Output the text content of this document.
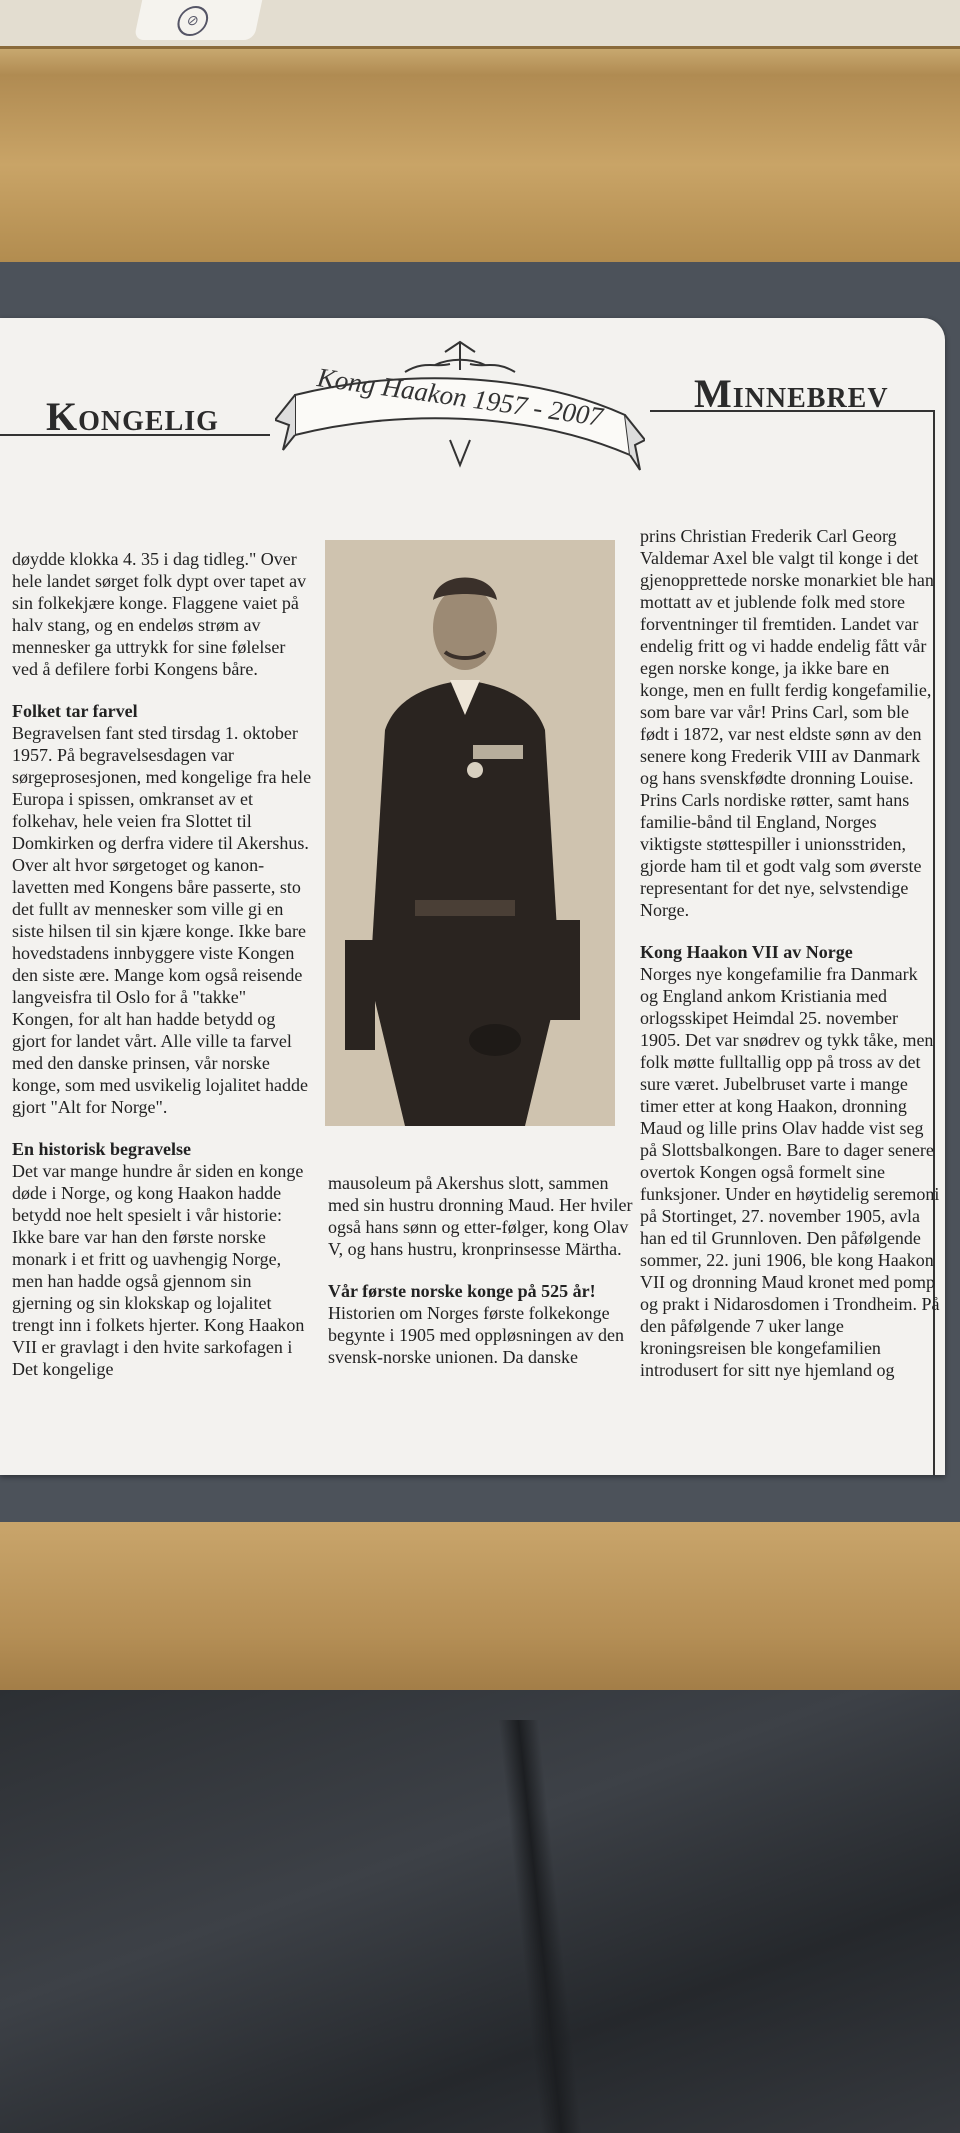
⊘
Kongelig
Minnebrev
Kong Haakon 1957 - 2007

døydde klokka 4. 35 i dag tidleg." Over hele landet sørget folk dypt over tapet av sin folkekjære konge. Flaggene vaiet på halv stang, og en endeløs strøm av mennesker ga uttrykk for sine følelser ved å defilere forbi Kongens båre.

Folket tar farvel

Begravelsen fant sted tirsdag 1. oktober 1957. På begravelsesdagen var sørgeprosesjonen, med kongelige fra hele Europa i spissen, omkranset av et folkehav, hele veien fra Slottet til Domkirken og derfra videre til Akershus. Over alt hvor sørgetoget og kanon-lavetten med Kongens båre passerte, sto det fullt av mennesker som ville gi en siste hilsen til sin kjære konge. Ikke bare hovedstadens innbyggere viste Kongen den siste ære. Mange kom også reisende langveisfra til Oslo for å "takke" Kongen, for alt han hadde betydd og gjort for landet vårt. Alle ville ta farvel med den danske prinsen, vår norske konge, som med usvikelig lojalitet hadde gjort "Alt for Norge".

En historisk begravelse

Det var mange hundre år siden en konge døde i Norge, og kong Haakon hadde betydd noe helt spesielt i vår historie: Ikke bare var han den første norske monark i et fritt og uavhengig Norge, men han hadde også gjennom sin gjerning og sin klokskap og lojalitet trengt inn i folkets hjerter. Kong Haakon VII er gravlagt i den hvite sarkofagen i Det kongelige

mausoleum på Akershus slott, sammen med sin hustru dronning Maud. Her hviler også hans sønn og etter-følger, kong Olav V, og hans hustru, kronprinsesse Märtha.

Vår første norske konge på 525 år!

Historien om Norges første folkekonge begynte i 1905 med oppløsningen av den svensk-norske unionen. Da danske

prins Christian Frederik Carl Georg Valdemar Axel ble valgt til konge i det gjenopprettede norske monarkiet ble han mottatt av et jublende folk med store forventninger til fremtiden. Landet var endelig fritt og vi hadde endelig fått vår egen norske konge, ja ikke bare en konge, men en fullt ferdig kongefamilie, som bare var vår! Prins Carl, som ble født i 1872, var nest eldste sønn av den senere kong Frederik VIII av Danmark og hans svenskfødte dronning Louise. Prins Carls nordiske røtter, samt hans familie-bånd til England, Norges viktigste støttespiller i unionsstriden, gjorde ham til et godt valg som øverste representant for det nye, selvstendige Norge.

Kong Haakon VII av Norge

Norges nye kongefamilie fra Danmark og England ankom Kristiania med orlogsskipet Heimdal 25. november 1905. Det var snødrev og tykk tåke, men folk møtte fulltallig opp på tross av det sure været. Jubelbruset varte i mange timer etter at kong Haakon, dronning Maud og lille prins Olav hadde vist seg på Slottsbalkongen. Bare to dager senere overtok Kongen også formelt sine funksjoner. Under en høytidelig seremoni på Stortinget, 27. november 1905, avla han ed til Grunnloven. Den påfølgende sommer, 22. juni 1906, ble kong Haakon VII og dronning Maud kronet med pomp og prakt i Nidarosdomen i Trondheim. På den påfølgende 7 uker lange kroningsreisen ble kongefamilien introdusert for sitt nye hjemland og
